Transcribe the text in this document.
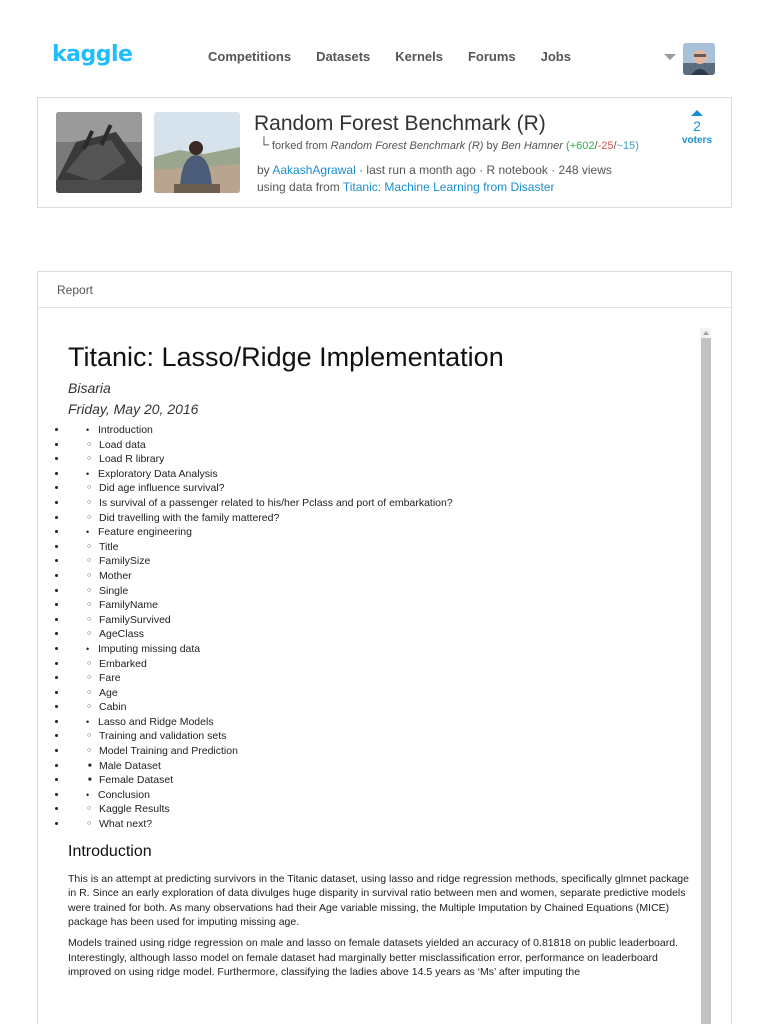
kaggle	Competitions Datasets Kernels Forums Jobs
Random Forest Benchmark (R)
└ forked from Random Forest Benchmark (R) by Ben Hamner (+602/-25/~15)
by AakashAgrawal · last run a month ago · R notebook · 248 views
using data from Titanic: Machine Learning from Disaster
2
voters
Report
Titanic: Lasso/Ridge Implementation
Bisaria
Friday, May 20, 2016
• • Introduction
○ • Load data
○ • Load R library
• • Exploratory Data Analysis
○ • Did age influence survival?
○ • Is survival of a passenger related to his/her Pclass and port of embarkation?
○ • Did travelling with the family mattered?
• • Feature engineering
○ • Title
○ • FamilySize
○ • Mother
○ • Single
○ • FamilyName
○ • FamilySurvived
○ • AgeClass
• • Imputing missing data
○ • Embarked
○ • Fare
○ • Age
○ • Cabin
• • Lasso and Ridge Models
○ • Training and validation sets
○ • Model Training and Prediction
■ • Male Dataset
■ • Female Dataset
• • Conclusion
○ • Kaggle Results
○ • What next?
Introduction

This is an attempt at predicting survivors in the Titanic dataset, using lasso and ridge regression methods, specifically glmnet package in R. Since an early exploration of data divulges huge disparity in survival ratio between men and women, separate predictive models were trained for both. As many observations had their Age variable missing, the Multiple Imputation by Chained Equations (MICE) package has been used for imputing missing age.

Models trained using ridge regression on male and lasso on female datasets yielded an accuracy of 0.81818 on public leaderboard. Interestingly, although lasso model on female dataset had marginally better misclassification error, performance on leaderboard improved on using ridge model. Furthermore, classifying the ladies above 14.5 years as ‘Ms’ after imputing the
